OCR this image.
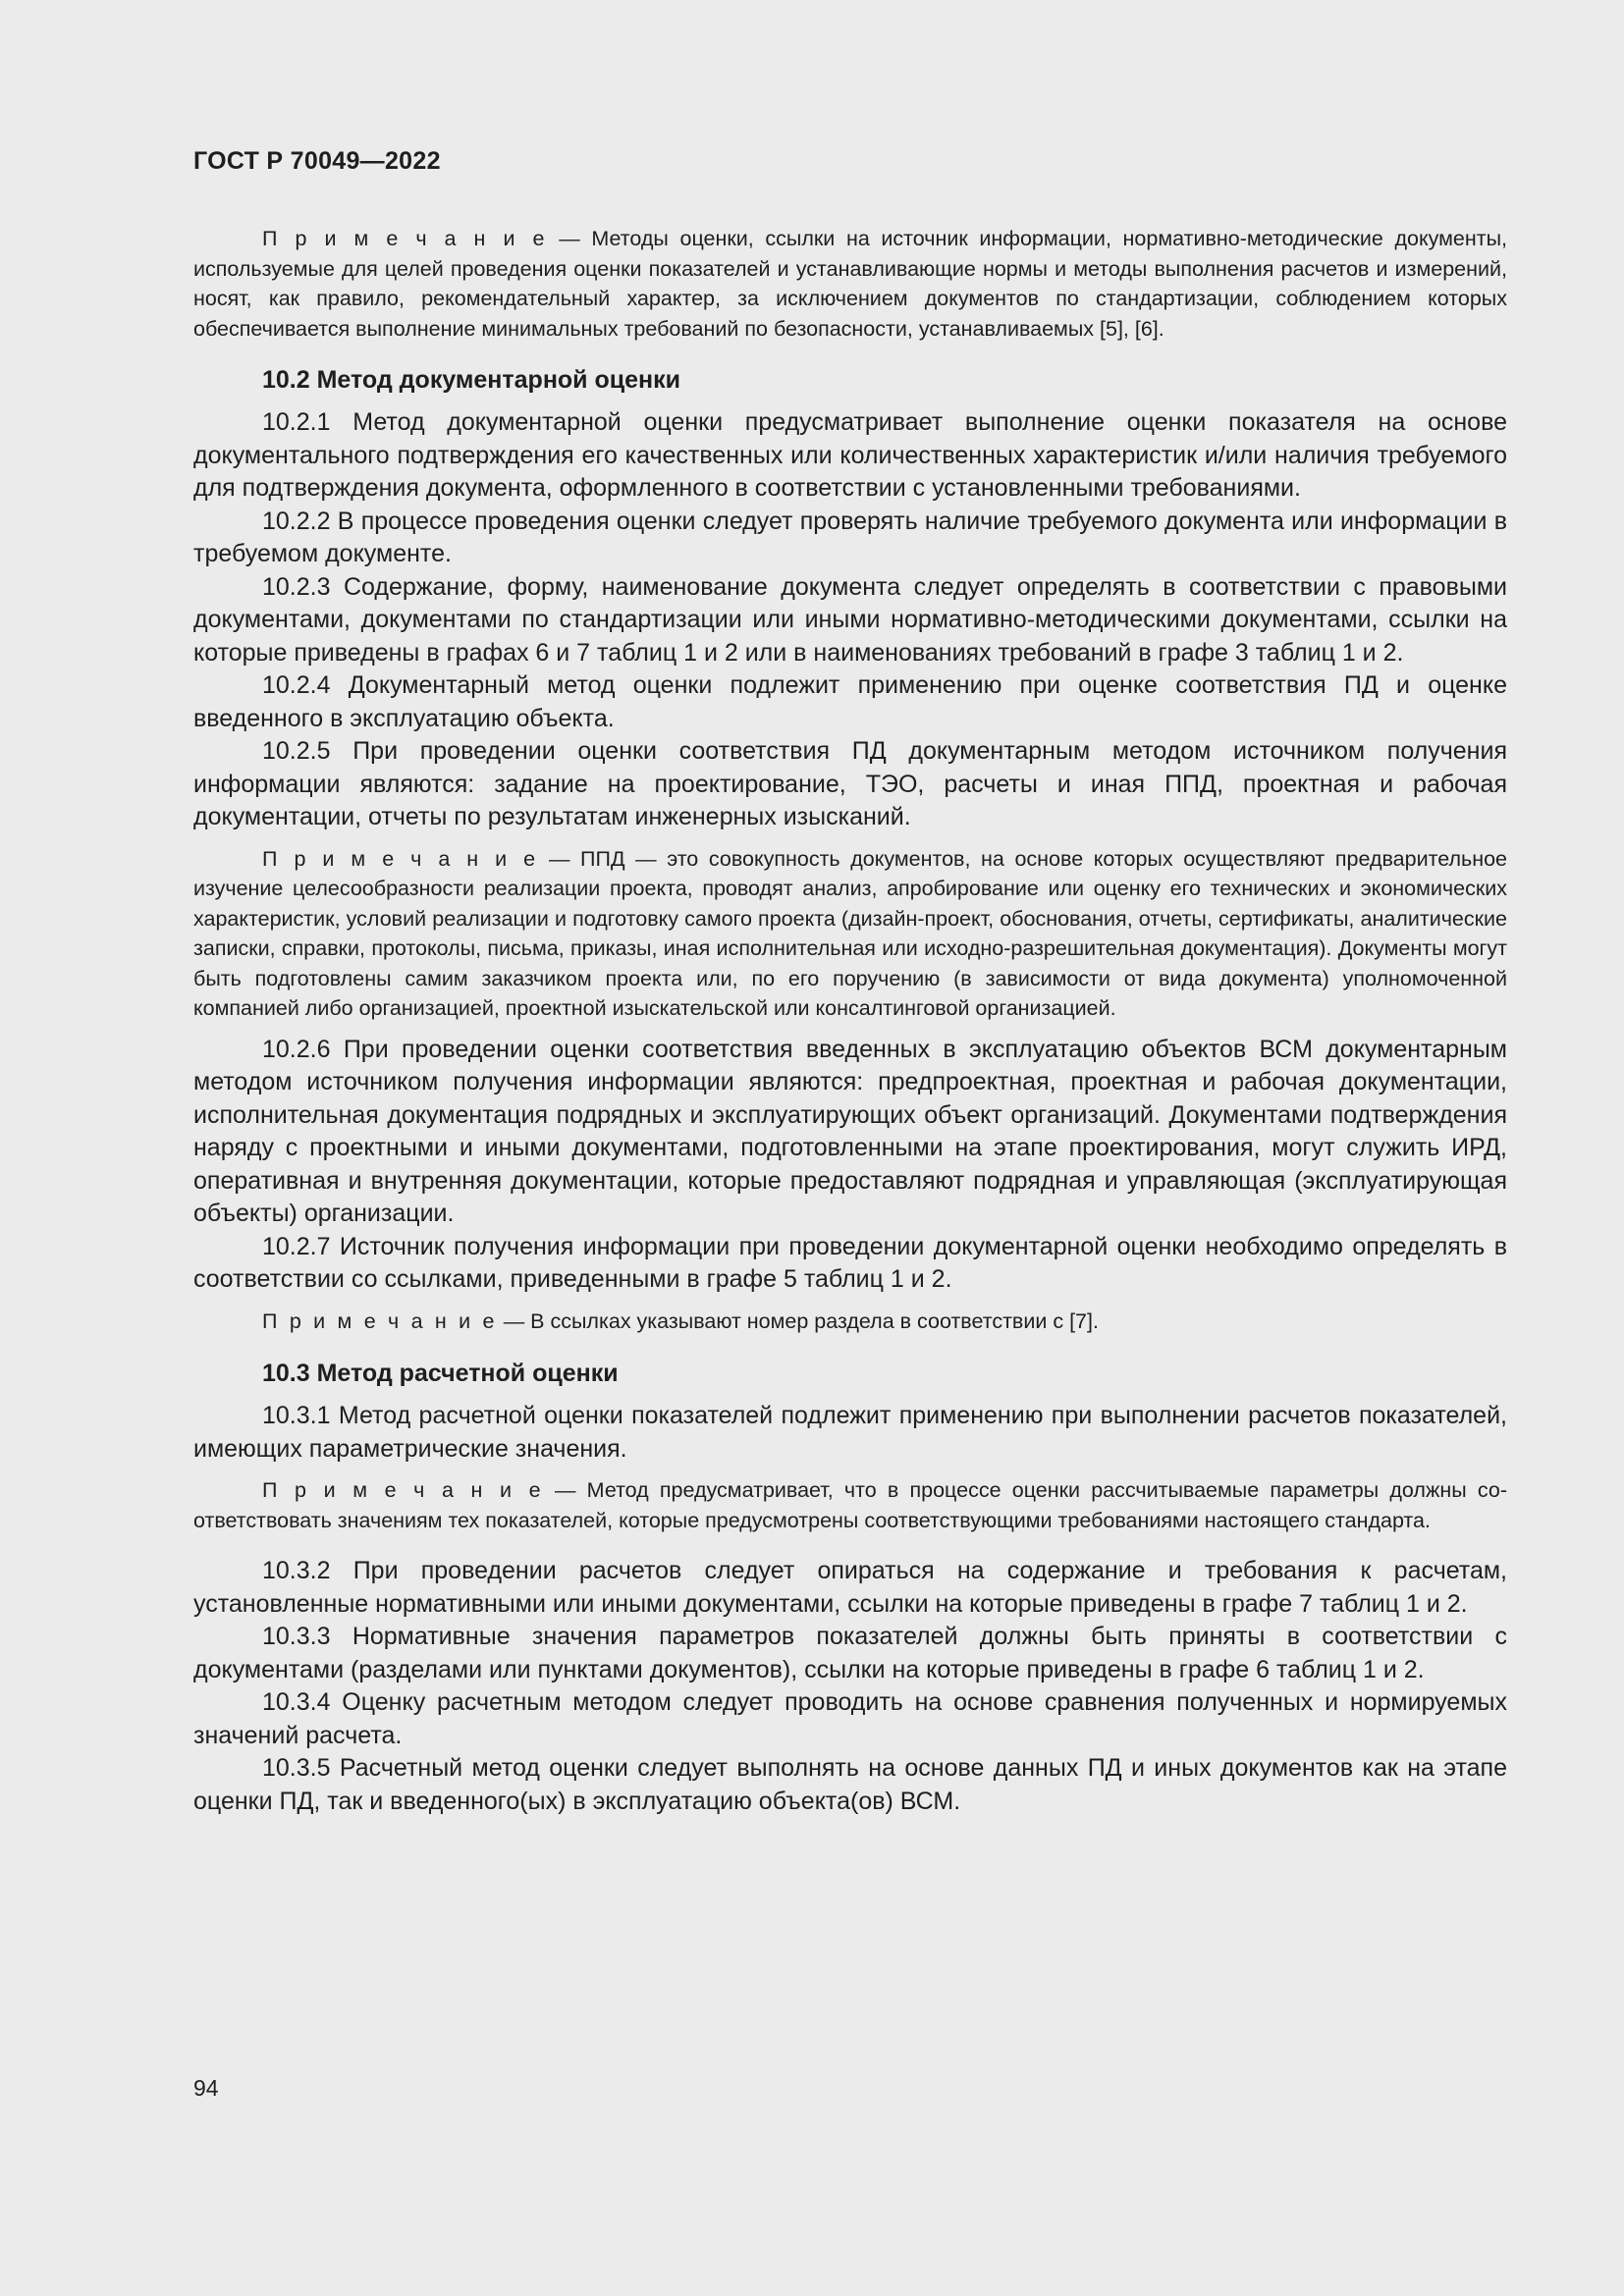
ГОСТ Р 70049—2022

П р и м е ч а н и е — Методы оценки, ссылки на источник информации, нормативно-методические документы, используемые для целей проведения оценки показателей и устанавливающие нормы и методы выполнения расчетов и измерений, носят, как правило, рекомендательный характер, за исключением документов по стандартизации, соблюдением которых обеспечивается выполнение минимальных требований по безопасности, устанавливаемых [5], [6].

10.2 Метод документарной оценки

10.2.1 Метод документарной оценки предусматривает выполнение оценки показателя на основе документального подтверждения его качественных или количественных характеристик и/или наличия требуемого для подтверждения документа, оформленного в соответствии с установленными требованиями.

10.2.2 В процессе проведения оценки следует проверять наличие требуемого документа или информации в требуемом документе.

10.2.3 Содержание, форму, наименование документа следует определять в соответствии с правовыми документами, документами по стандартизации или иными нормативно-методическими документами, ссылки на которые приведены в графах 6 и 7 таблиц 1 и 2 или в наименованиях требований в графе 3 таблиц 1 и 2.

10.2.4 Документарный метод оценки подлежит применению при оценке соответствия ПД и оценке введенного в эксплуатацию объекта.

10.2.5 При проведении оценки соответствия ПД документарным методом источником получения информации являются: задание на проектирование, ТЭО, расчеты и иная ППД, проектная и рабочая документации, отчеты по результатам инженерных изысканий.

П р и м е ч а н и е — ППД — это совокупность документов, на основе которых осуществляют предварительное изучение целесообразности реализации проекта, проводят анализ, апробирование или оценку его технических и экономических характеристик, условий реализации и подготовку самого проекта (дизайн-проект, обоснования, отчеты, сертификаты, аналитические записки, справки, протоколы, письма, приказы, иная исполнительная или исходно-разрешительная документация). Документы могут быть подготовлены самим заказчиком проекта или, по его поручению (в зависимости от вида документа) уполномоченной компанией либо организацией, проектной изыскательской или консалтинговой организацией.

10.2.6 При проведении оценки соответствия введенных в эксплуатацию объектов ВСМ документарным методом источником получения информации являются: предпроектная, проектная и рабочая документации, исполнительная документация подрядных и эксплуатирующих объект организаций. Документами подтверждения наряду с проектными и иными документами, подготовленными на этапе проектирования, могут служить ИРД, оперативная и внутренняя документации, которые предоставляют подрядная и управляющая (эксплуатирующая объекты) организации.

10.2.7 Источник получения информации при проведении документарной оценки необходимо определять в соответствии со ссылками, приведенными в графе 5 таблиц 1 и 2.

П р и м е ч а н и е — В ссылках указывают номер раздела в соответствии с [7].

10.3 Метод расчетной оценки

10.3.1 Метод расчетной оценки показателей подлежит применению при выполнении расчетов показателей, имеющих параметрические значения.

П р и м е ч а н и е — Метод предусматривает, что в процессе оценки рассчитываемые параметры должны соответствовать значениям тех показателей, которые предусмотрены соответствующими требованиями настоящего стандарта.

10.3.2 При проведении расчетов следует опираться на содержание и требования к расчетам, установленные нормативными или иными документами, ссылки на которые приведены в графе 7 таблиц 1 и 2.

10.3.3 Нормативные значения параметров показателей должны быть приняты в соответствии с документами (разделами или пунктами документов), ссылки на которые приведены в графе 6 таблиц 1 и 2.

10.3.4 Оценку расчетным методом следует проводить на основе сравнения полученных и нормируемых значений расчета.

10.3.5 Расчетный метод оценки следует выполнять на основе данных ПД и иных документов как на этапе оценки ПД, так и введенного(ых) в эксплуатацию объекта(ов) ВСМ.

94
